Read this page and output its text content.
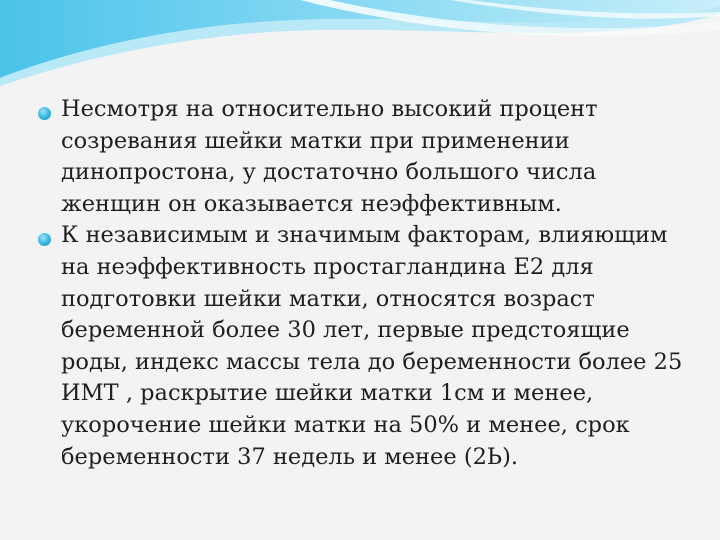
Несмотря на относительно высокий процент
созревания шейки матки при применении
динопростона, у достаточно большого числа
женщин он оказывается неэффективным.
К независимым и значимым факторам, влияющим
на неэффективность простагландина Е2 для
подготовки шейки матки, относятся возраст
беременной более 30 лет, первые предстоящие
роды, индекс массы тела до беременности более 25
ИМТ , раскрытие шейки матки 1см и менее,
укорочение шейки матки на 50% и менее, срок
беременности 37 недель и менее (2Ь).
